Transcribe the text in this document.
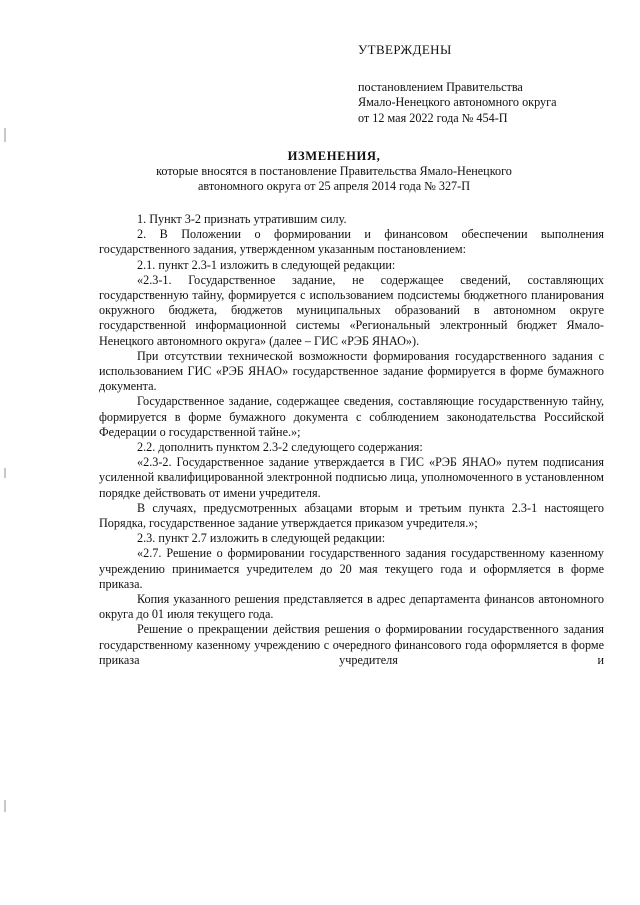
УТВЕРЖДЕНЫ
постановлением Правительства
Ямало-Ненецкого автономного округа
от 12 мая 2022 года № 454-П
ИЗМЕНЕНИЯ,
которые вносятся в постановление Правительства Ямало-Ненецкого
автономного округа от 25 апреля 2014 года № 327-П

1. Пункт 3-2 признать утратившим силу.

2. В Положении о формировании и финансовом обеспечении выполнения государственного задания, утвержденном указанным постановлением:

2.1. пункт 2.3-1 изложить в следующей редакции:

«2.3-1. Государственное задание, не содержащее сведений, составляющих государственную тайну, формируется с использованием подсистемы бюджетного планирования окружного бюджета, бюджетов муниципальных образований в автономном округе государственной информационной системы «Региональный электронный бюджет Ямало-Ненецкого автономного округа» (далее – ГИС «РЭБ ЯНАО»).

При отсутствии технической возможности формирования государственного задания с использованием ГИС «РЭБ ЯНАО» государственное задание формируется в форме бумажного документа.

Государственное задание, содержащее сведения, составляющие государственную тайну, формируется в форме бумажного документа с соблюдением законодательства Российской Федерации о государственной тайне.»;

2.2. дополнить пунктом 2.3-2 следующего содержания:

«2.3-2. Государственное задание утверждается в ГИС «РЭБ ЯНАО» путем подписания усиленной квалифицированной электронной подписью лица, уполномоченного в установленном порядке действовать от имени учредителя.

В случаях, предусмотренных абзацами вторым и третьим пункта 2.3-1 настоящего Порядка, государственное задание утверждается приказом учредителя.»;

2.3. пункт 2.7 изложить в следующей редакции:

«2.7. Решение о формировании государственного задания государственному казенному учреждению принимается учредителем до 20 мая текущего года и оформляется в форме приказа.

Копия указанного решения представляется в адрес департамента финансов автономного округа до 01 июля текущего года.

Решение о прекращении действия решения о формировании государственного задания государственному казенному учреждению с очередного финансового года оформляется в форме приказа учредителя и
